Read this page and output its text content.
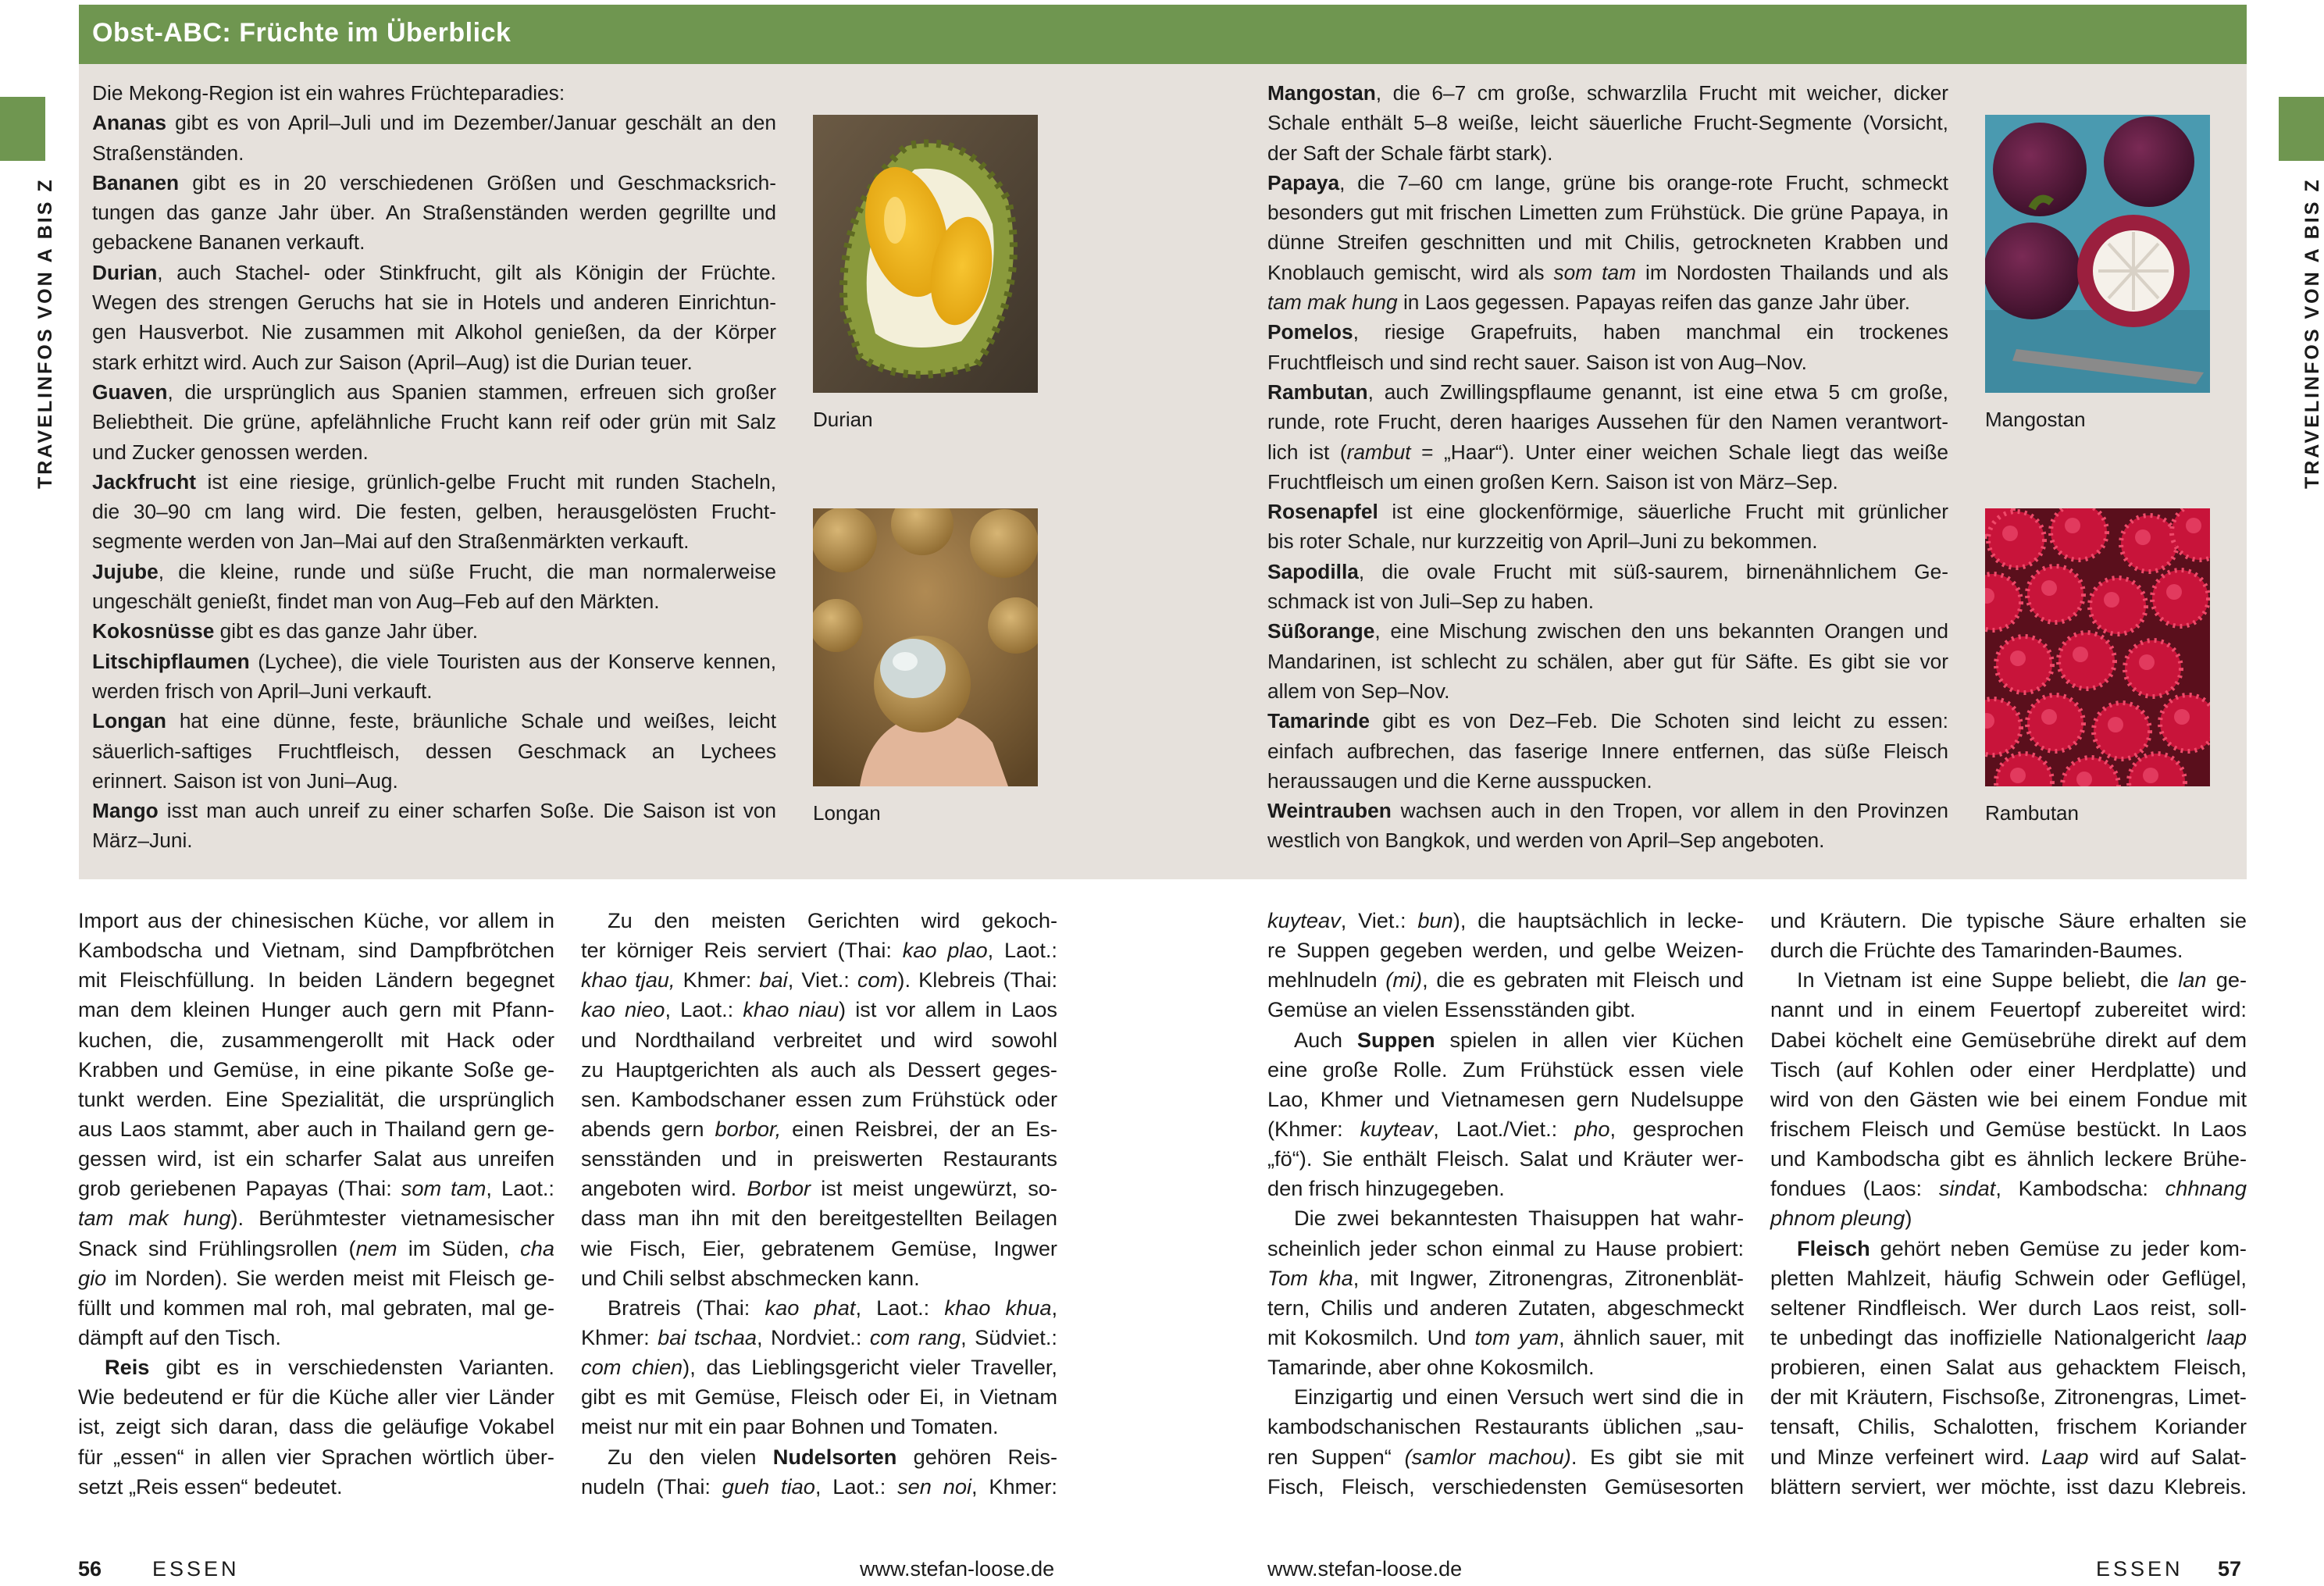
TRAVELINFOS VON A BIS Z	TRAVELINFOS VON A BIS Z
Obst-ABC: Früchte im Überblick

Die Mekong-Region ist ein wahres Früchteparadies:

Ananas gibt es von April–Juli und im Dezember/Januar geschält an den

Straßenständen.

Bananen gibt es in 20 verschiedenen Größen und Geschmacksrich-

tungen das ganze Jahr über. An Straßenständen werden gegrillte und

gebackene Bananen verkauft.

Durian, auch Stachel- oder Stinkfrucht, gilt als Königin der Früchte.

Wegen des strengen Geruchs hat sie in Hotels und anderen Einrichtun-

gen Hausverbot. Nie zusammen mit Alkohol genießen, da der Körper

stark erhitzt wird. Auch zur Saison (April–Aug) ist die Durian teuer.

Guaven, die ursprünglich aus Spanien stammen, erfreuen sich großer

Beliebtheit. Die grüne, apfelähnliche Frucht kann reif oder grün mit Salz

und Zucker genossen werden.

Jackfrucht ist eine riesige, grünlich-gelbe Frucht mit runden Stacheln,

die 30–90 cm lang wird. Die festen, gelben, herausgelösten Frucht-

segmente werden von Jan–Mai auf den Straßenmärkten verkauft.

Jujube, die kleine, runde und süße Frucht, die man normalerweise

ungeschält genießt, findet man von Aug–Feb auf den Märkten.

Kokosnüsse gibt es das ganze Jahr über.

Litschipflaumen (Lychee), die viele Touristen aus der Konserve kennen,

werden frisch von April–Juni verkauft.

Longan hat eine dünne, feste, bräunliche Schale und weißes, leicht

säuerlich-saftiges Fruchtfleisch, dessen Geschmack an Lychees

erinnert. Saison ist von Juni–Aug.

Mango isst man auch unreif zu einer scharfen Soße. Die Saison ist von

März–Juni.

Mangostan, die 6–7 cm große, schwarzlila Frucht mit weicher, dicker

Schale enthält 5–8 weiße, leicht säuerliche Frucht-Segmente (Vorsicht,

der Saft der Schale färbt stark).

Papaya, die 7–60 cm lange, grüne bis orange-rote Frucht, schmeckt

besonders gut mit frischen Limetten zum Frühstück. Die grüne Papaya, in

dünne Streifen geschnitten und mit Chilis, getrockneten Krabben und

Knoblauch gemischt, wird als som tam im Nordosten Thailands und als

tam mak hung in Laos gegessen. Papayas reifen das ganze Jahr über.

Pomelos, riesige Grapefruits, haben manchmal ein trockenes

Fruchtfleisch und sind recht sauer. Saison ist von Aug–Nov.

Rambutan, auch Zwillingspflaume genannt, ist eine etwa 5 cm große,

runde, rote Frucht, deren haariges Aussehen für den Namen verantwort-

lich ist (rambut = „Haar“). Unter einer weichen Schale liegt das weiße

Fruchtfleisch um einen großen Kern. Saison ist von März–Sep.

Rosenapfel ist eine glockenförmige, säuerliche Frucht mit grünlicher

bis roter Schale, nur kurzzeitig von April–Juni zu bekommen.

Sapodilla, die ovale Frucht mit süß-saurem, birnenähnlichem Ge-

schmack ist von Juli–Sep zu haben.

Süßorange, eine Mischung zwischen den uns bekannten Orangen und

Mandarinen, ist schlecht zu schälen, aber gut für Säfte. Es gibt sie vor

allem von Sep–Nov.

Tamarinde gibt es von Dez–Feb. Die Schoten sind leicht zu essen:

einfach aufbrechen, das faserige Innere entfernen, das süße Fleisch

heraussaugen und die Kerne ausspucken.

Weintrauben wachsen auch in den Tropen, vor allem in den Provinzen

westlich von Bangkok, und werden von April–Sep angeboten.

Durian
Longan
Mangostan
Rambutan
Import aus der chinesischen Küche, vor allem in
Kambodscha und Vietnam, sind Dampfbrötchen
mit Fleischfüllung. In beiden Ländern begegnet
man dem kleinen Hunger auch gern mit Pfann-
kuchen, die, zusammengerollt mit Hack oder
Krabben und Gemüse, in eine pikante Soße ge-
tunkt werden. Eine Spezialität, die ursprünglich
aus Laos stammt, aber auch in Thailand gern ge-
gessen wird, ist ein scharfer Salat aus unreifen
grob geriebenen Papayas (Thai: som tam, Laot.:
tam mak hung). Berühmtester vietnamesischer
Snack sind Frühlingsrollen (nem im Süden, cha
gio im Norden). Sie werden meist mit Fleisch ge-
füllt und kommen mal roh, mal gebraten, mal ge-
dämpft auf den Tisch.
Reis gibt es in verschiedensten Varianten.
Wie bedeutend er für die Küche aller vier Länder
ist, zeigt sich daran, dass die geläufige Vokabel
für „essen“ in allen vier Sprachen wörtlich über-
setzt „Reis essen“ bedeutet.
Zu den meisten Gerichten wird gekoch-
ter körniger Reis serviert (Thai: kao plao, Laot.:
khao tjau, Khmer: bai, Viet.: com). Klebreis (Thai:
kao nieo, Laot.: khao niau) ist vor allem in Laos
und Nordthailand verbreitet und wird sowohl
zu Hauptgerichten als auch als Dessert geges-
sen. Kambodschaner essen zum Frühstück oder
abends gern borbor, einen Reisbrei, der an Es-
sensständen und in preiswerten Restaurants
angeboten wird. Borbor ist meist ungewürzt, so-
dass man ihn mit den bereitgestellten Beilagen
wie Fisch, Eier, gebratenem Gemüse, Ingwer
und Chili selbst abschmecken kann.
Bratreis (Thai: kao phat, Laot.: khao khua,
Khmer: bai tschaa, Nordviet.: com rang, Südviet.:
com chien), das Lieblingsgericht vieler Traveller,
gibt es mit Gemüse, Fleisch oder Ei, in Vietnam
meist nur mit ein paar Bohnen und Tomaten.
Zu den vielen Nudelsorten gehören Reis-
nudeln (Thai: gueh tiao, Laot.: sen noi, Khmer:
kuyteav, Viet.: bun), die hauptsächlich in lecke-
re Suppen gegeben werden, und gelbe Weizen-
mehlnudeln (mi), die es gebraten mit Fleisch und
Gemüse an vielen Essensständen gibt.
Auch Suppen spielen in allen vier Küchen
eine große Rolle. Zum Frühstück essen viele
Lao, Khmer und Vietnamesen gern Nudelsuppe
(Khmer: kuyteav, Laot./Viet.: pho, gesprochen
„fö“). Sie enthält Fleisch. Salat und Kräuter wer-
den frisch hinzugegeben.
Die zwei bekanntesten Thaisuppen hat wahr-
scheinlich jeder schon einmal zu Hause probiert:
Tom kha, mit Ingwer, Zitronengras, Zitronenblät-
tern, Chilis und anderen Zutaten, abgeschmeckt
mit Kokosmilch. Und tom yam, ähnlich sauer, mit
Tamarinde, aber ohne Kokosmilch.
Einzigartig und einen Versuch wert sind die in
kambodschanischen Restaurants üblichen „sau-
ren Suppen“ (samlor machou). Es gibt sie mit
Fisch, Fleisch, verschiedensten Gemüsesorten
und Kräutern. Die typische Säure erhalten sie
durch die Früchte des Tamarinden-Baumes.
In Vietnam ist eine Suppe beliebt, die lan ge-
nannt und in einem Feuertopf zubereitet wird:
Dabei köchelt eine Gemüsebrühe direkt auf dem
Tisch (auf Kohlen oder einer Herdplatte) und
wird von den Gästen wie bei einem Fondue mit
frischem Fleisch und Gemüse bestückt. In Laos
und Kambodscha gibt es ähnlich leckere Brühe-
fondues (Laos: sindat, Kambodscha: chhnang
phnom pleung)
Fleisch gehört neben Gemüse zu jeder kom-
pletten Mahlzeit, häufig Schwein oder Geflügel,
seltener Rindfleisch. Wer durch Laos reist, soll-
te unbedingt das inoffizielle Nationalgericht laap
probieren, einen Salat aus gehacktem Fleisch,
der mit Kräutern, Fischsoße, Zitronengras, Limet-
tensaft, Chilis, Schalotten, frischem Koriander
und Minze verfeinert wird. Laap wird auf Salat-
blättern serviert, wer möchte, isst dazu Klebreis.
56 ESSEN	www.stefan-loose.de	www.stefan-loose.de	ESSEN 57
